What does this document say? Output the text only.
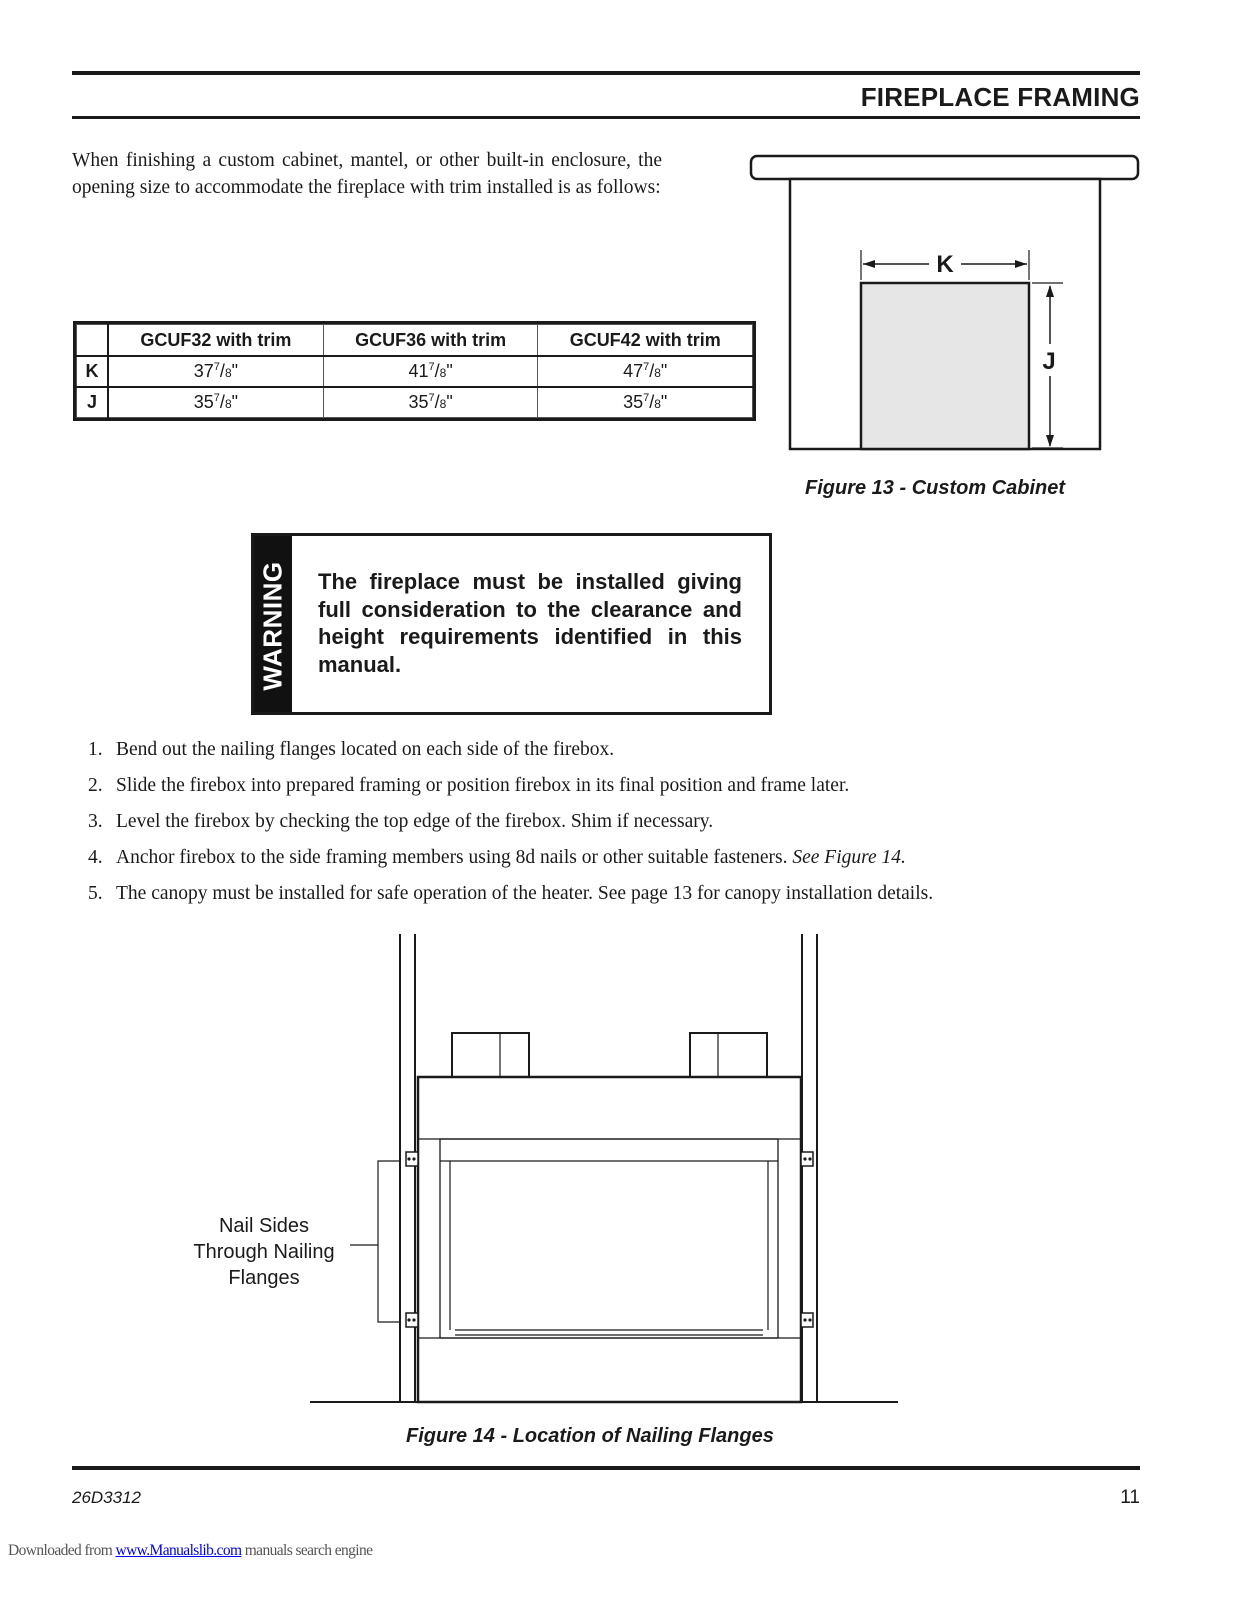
FIREPLACE FRAMING
When finishing a custom cabinet, mantel, or other built-in enclosure, the opening size to accommodate the fireplace with trim installed is as follows:
	GCUF32 with trim	GCUF36 with trim	GCUF42 with trim
K	$37^7/8$"	$41^7/8$"	$47^7/8$"
J	$35^7/8$"	$35^7/8$"	$35^7/8$"
K
J
Figure 13 - Custom Cabinet
WARNING The fireplace must be installed giving full consideration to the clearance and height requirements identified in this manual.
1. Bend out the nailing flanges located on each side of the firebox.
2. Slide the firebox into prepared framing or position firebox in its final position and frame later.
3. Level the firebox by checking the top edge of the firebox. Shim if necessary.
4. Anchor firebox to the side framing members using 8d nails or other suitable fasteners. See Figure 14.
5. The canopy must be installed for safe operation of the heater. See page 13 for canopy installation details.
Nail Sides
Through Nailing
Flanges
Figure 14 - Location of Nailing Flanges
26D3312	11
Downloaded from www.Manualslib.com manuals search engine
